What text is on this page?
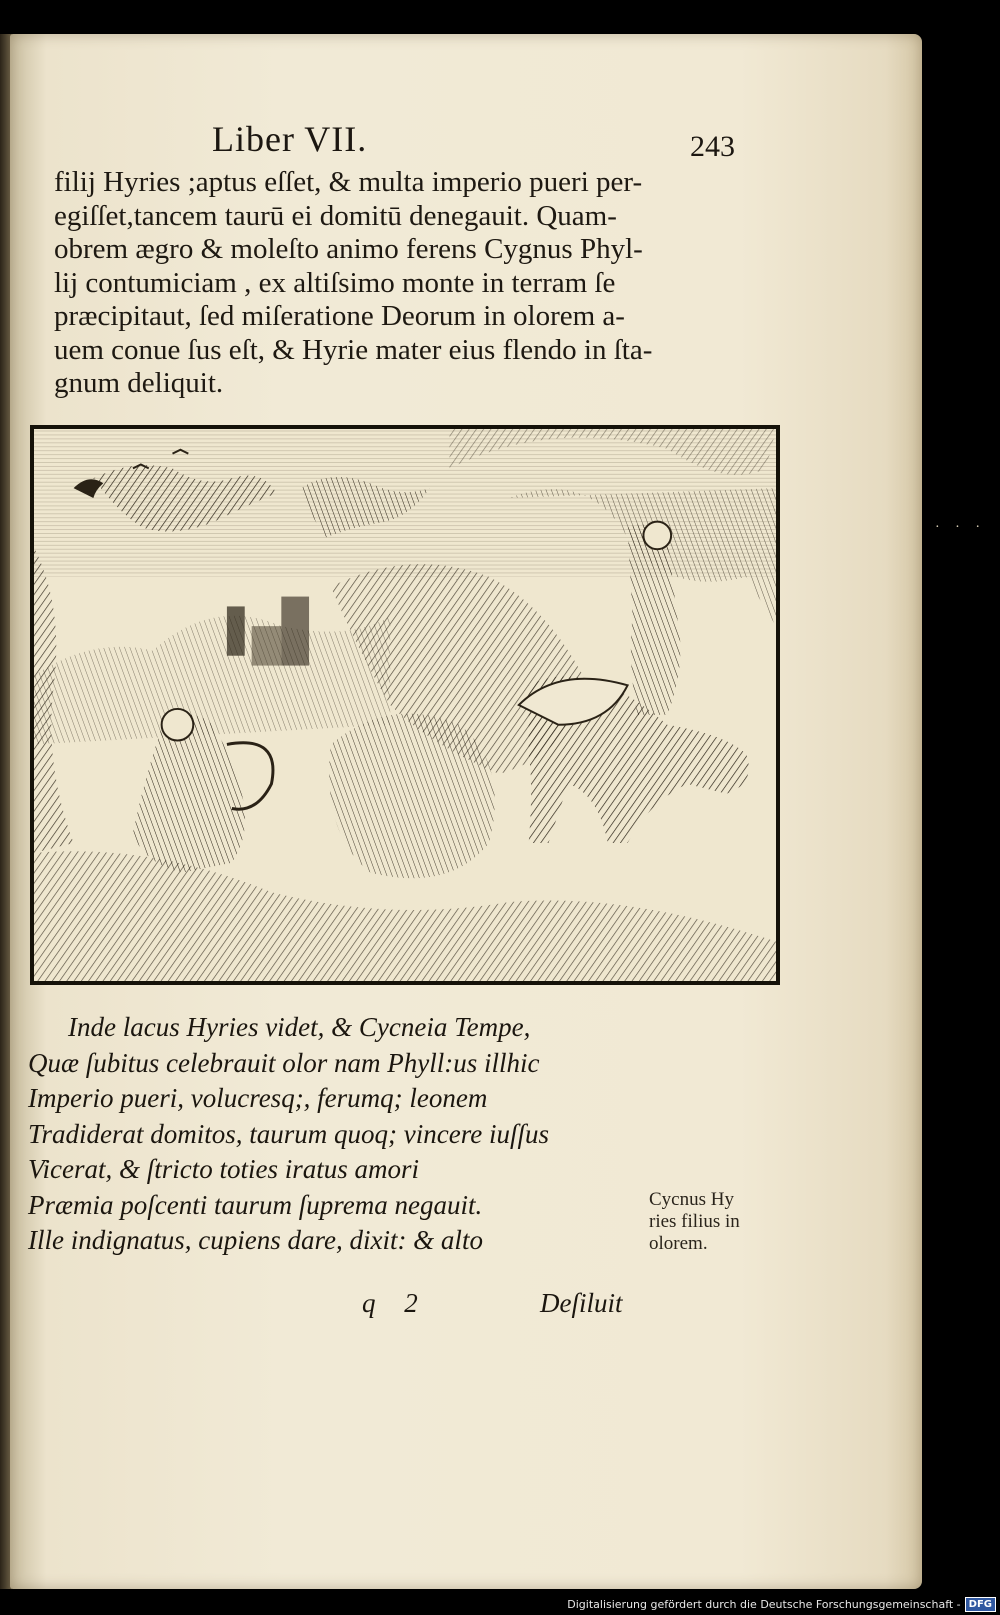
Liber VII.	243
filij Hyries ;aptus eſſet, & multa imperio pueri per-
egiſſet,tancem taurū ei domitū denegauit. Quam-
obrem ægro & moleſto animo ferens Cygnus Phyl-
lij contumiciam , ex altiſsimo monte in terram ſe
præcipitaut, ſed miſeratione Deorum in olorem a-
uem conue ſus eſt, & Hyrie mater eius flendo in ſta-
gnum deliquit.
Inde lacus Hyries videt, & Cycneia Tempe,
Quæ ſubitus celebrauit olor nam Phyll:us illhic
Imperio pueri, volucresq;, ferumq; leonem
Tradiderat domitos, taurum quoq; vincere iuſſus
Vicerat, & ſtricto toties iratus amori
Præmia poſcenti taurum ſuprema negauit.
Ille indignatus, cupiens dare, dixit: & alto
Cycnus Hy
ries filius in
olorem.
q 2	Deſiluit
· · ·
Digitalisierung gefördert durch die Deutsche Forschungsgemeinschaft - DFG
